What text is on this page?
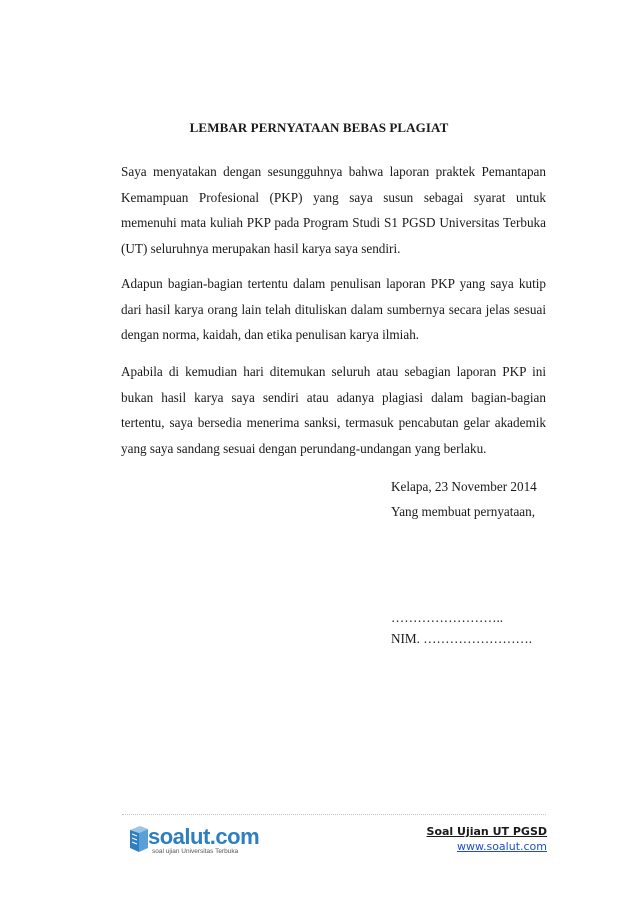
LEMBAR PERNYATAAN BEBAS PLAGIAT

Saya menyatakan dengan sesungguhnya bahwa laporan praktek Pemantapan Kemampuan Profesional (PKP) yang saya susun sebagai syarat untuk memenuhi mata kuliah PKP pada Program Studi S1 PGSD Universitas Terbuka (UT) seluruhnya merupakan hasil karya saya sendiri.

Adapun bagian-bagian tertentu dalam penulisan laporan PKP yang saya kutip dari hasil karya orang lain telah dituliskan dalam sumbernya secara jelas sesuai dengan norma, kaidah, dan etika penulisan karya ilmiah.

Apabila di kemudian hari ditemukan seluruh atau sebagian laporan PKP ini bukan hasil karya saya sendiri atau adanya plagiasi dalam bagian-bagian tertentu, saya bersedia menerima sanksi, termasuk pencabutan gelar akademik yang saya sandang sesuai dengan perundang-undangan yang berlaku.

Kelapa, 23 November 2014
Yang membuat pernyataan,
……………………..
NIM. …………………….
soalut.com
soal ujian Universitas Terbuka
Soal Ujian UT PGSD
www.soalut.com
